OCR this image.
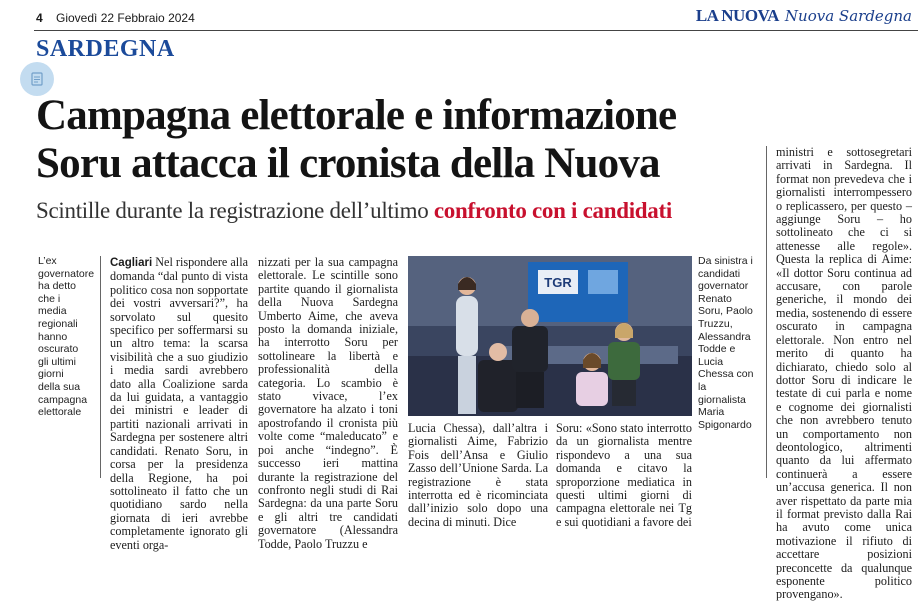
4 Giovedì 22 Febbraio 2024	LA NUOVA Nuova Sardegna
SARDEGNA
Campagna elettorale e informazione
Soru attacca il cronista della Nuova
Scintille durante la registrazione dell’ultimo confronto con i candidati
L’ex governatore ha detto che i media regionali hanno oscurato gli ultimi giorni della sua campagna elettorale
Cagliari Nel rispondere alla domanda “dal punto di vista politico cosa non sopportate dei vostri avversari?”, ha sorvolato sul quesito specifico per soffermarsi su un altro tema: la scarsa visibilità che a suo giudizio i media sardi avrebbero dato alla Coalizione sarda da lui guidata, a vantaggio dei ministri e leader di partiti nazionali arrivati in Sardegna per sostenere altri candidati. Renato Soru, in corsa per la presidenza della Regione, ha poi sottolineato il fatto che un quotidiano sardo nella giornata di ieri avrebbe completamente ignorato gli eventi orga-
nizzati per la sua campagna elettorale. Le scintille sono partite quando il giornalista della Nuova Sardegna Umberto Aime, che aveva posto la domanda iniziale, ha interrotto Soru per sottolineare la libertà e professionalità della categoria. Lo scambio è stato vivace, l’ex governatore ha alzato i toni apostrofando il cronista più volte come “maleducato” e poi anche “indegno”. È successo ieri mattina durante la registrazione del confronto negli studi di Rai Sardegna: da una parte Soru e gli altri tre candidati governatore (Alessandra Todde, Paolo Truzzu e
TGR
Lucia Chessa), dall’altra i giornalisti Aime, Fabrizio Fois dell’Ansa e Giulio Zasso dell’Unione Sarda. La registrazione è stata interrotta ed è ricominciata dall’inizio solo dopo una decina di minuti. Dice
Soru: «Sono stato interrotto da un giornalista mentre rispondevo a una sua domanda e citavo la sproporzione mediatica in questi ultimi giorni di campagna elettorale nei Tg e sui quotidiani a favore dei
Da sinistra i candidati governator Renato Soru, Paolo Truzzu, Alessandra Todde e Lucia Chessa con la giornalista Maria Spigonardo
ministri e sottosegretari arrivati in Sardegna. Il format non prevedeva che i giornalisti interrompessero o replicassero, per questo – aggiunge Soru – ho sottolineato che ci si attenesse alle regole». Questa la replica di Aime: «Il dottor Soru continua ad accusare, con parole generiche, il mondo dei media, sostenendo di essere oscurato in campagna elettorale. Non entro nel merito di quanto ha dichiarato, chiedo solo al dottor Soru di indicare le testate di cui parla e nome e cognome dei giornalisti che non avrebbero tenuto un comportamento non deontologico, altrimenti quanto da lui affermato continuerà a essere un’accusa generica. Il non aver rispettato da parte mia il format previsto dalla Rai ha avuto come unica motivazione il rifiuto di accettare posizioni preconcette da qualunque esponente politico provengano».
